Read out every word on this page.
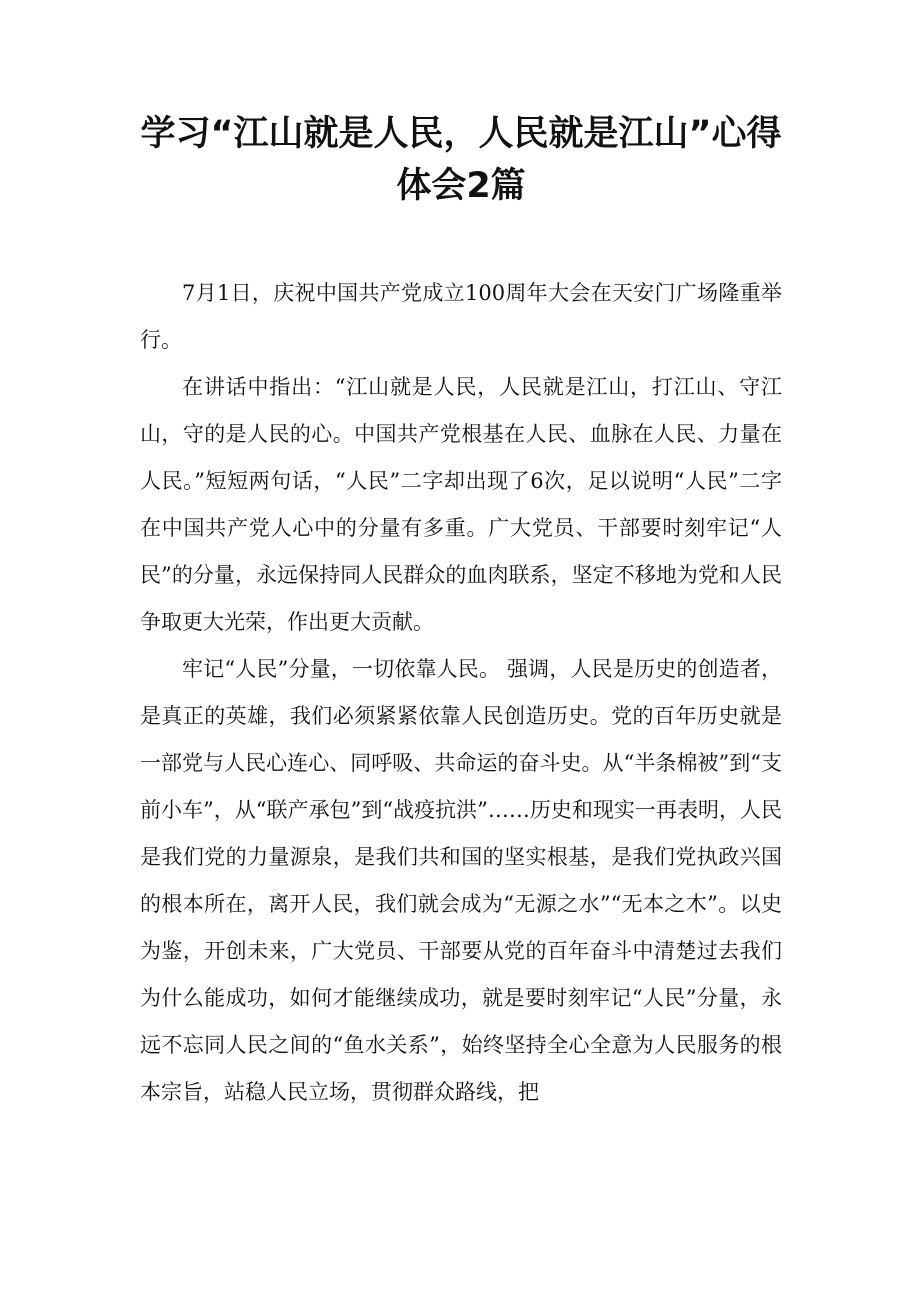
学习“江山就是人民，人民就是江山”心得
体会2篇

7月1日，庆祝中国共产党成立100周年大会在天安门广场隆重举行。

在讲话中指出：“江山就是人民，人民就是江山，打江山、守江山，守的是人民的心。中国共产党根基在人民、血脉在人民、力量在人民。”短短两句话，“人民”二字却出现了6次，足以说明“人民”二字在中国共产党人心中的分量有多重。广大党员、干部要时刻牢记“人民”的分量，永远保持同人民群众的血肉联系，坚定不移地为党和人民争取更大光荣，作出更大贡献。

牢记“人民”分量，一切依靠人民。 强调，人民是历史的创造者，是真正的英雄，我们必须紧紧依靠人民创造历史。党的百年历史就是一部党与人民心连心、同呼吸、共命运的奋斗史。从“半条棉被”到“支前小车”，从“联产承包”到“战疫抗洪”……历史和现实一再表明，人民是我们党的力量源泉，是我们共和国的坚实根基，是我们党执政兴国的根本所在，离开人民，我们就会成为“无源之水”“无本之木”。以史为鉴，开创未来，广大党员、干部要从党的百年奋斗中清楚过去我们为什么能成功，如何才能继续成功，就是要时刻牢记“人民”分量，永远不忘同人民之间的“鱼水关系”，始终坚持全心全意为人民服务的根本宗旨，站稳人民立场，贯彻群众路线，把
